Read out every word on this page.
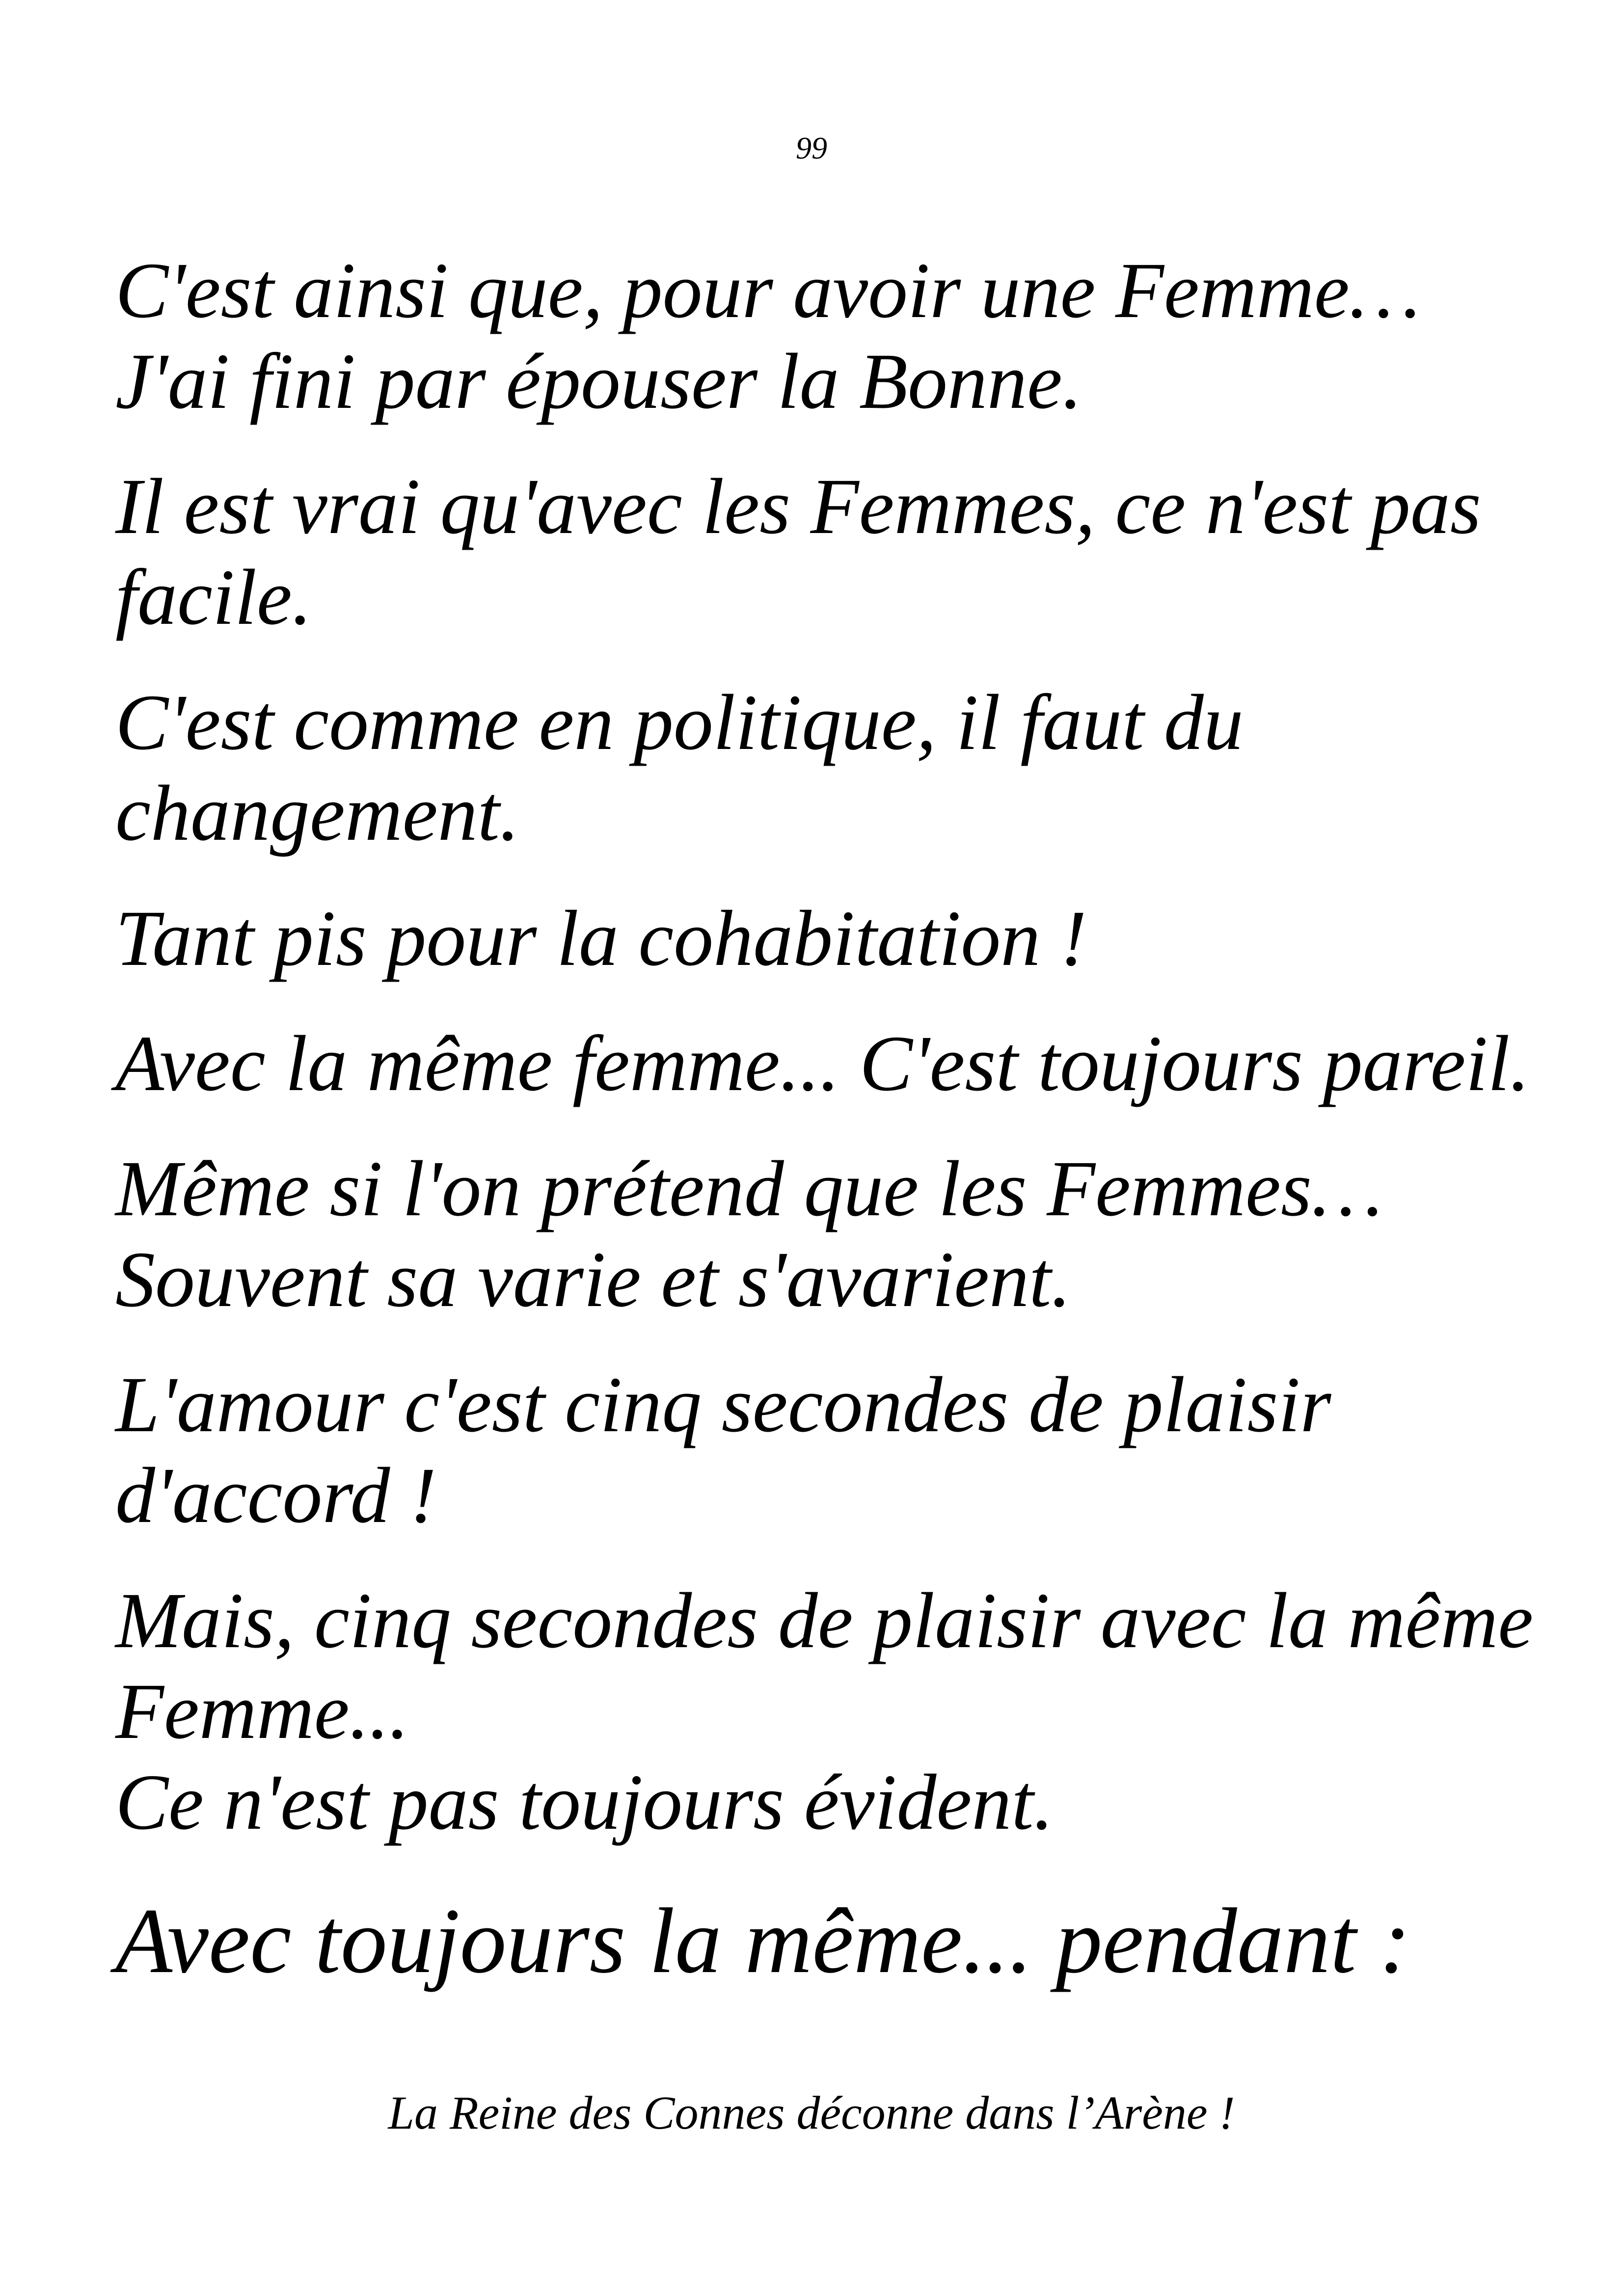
99

C'est ainsi que, pour avoir une Femme…
J'ai fini par épouser la Bonne.

Il est vrai qu'avec les Femmes, ce n'est pas
facile.

C'est comme en politique, il faut du
changement.

Tant pis pour la cohabitation !

Avec la même femme... C'est toujours pareil.

Même si l'on prétend que les Femmes…
Souvent sa varie et s'avarient.

L'amour c'est cinq secondes de plaisir
d'accord !

Mais, cinq secondes de plaisir avec la même
Femme...
Ce n'est pas toujours évident.

Avec toujours la même... pendant :
La Reine des Connes déconne dans l’Arène !
